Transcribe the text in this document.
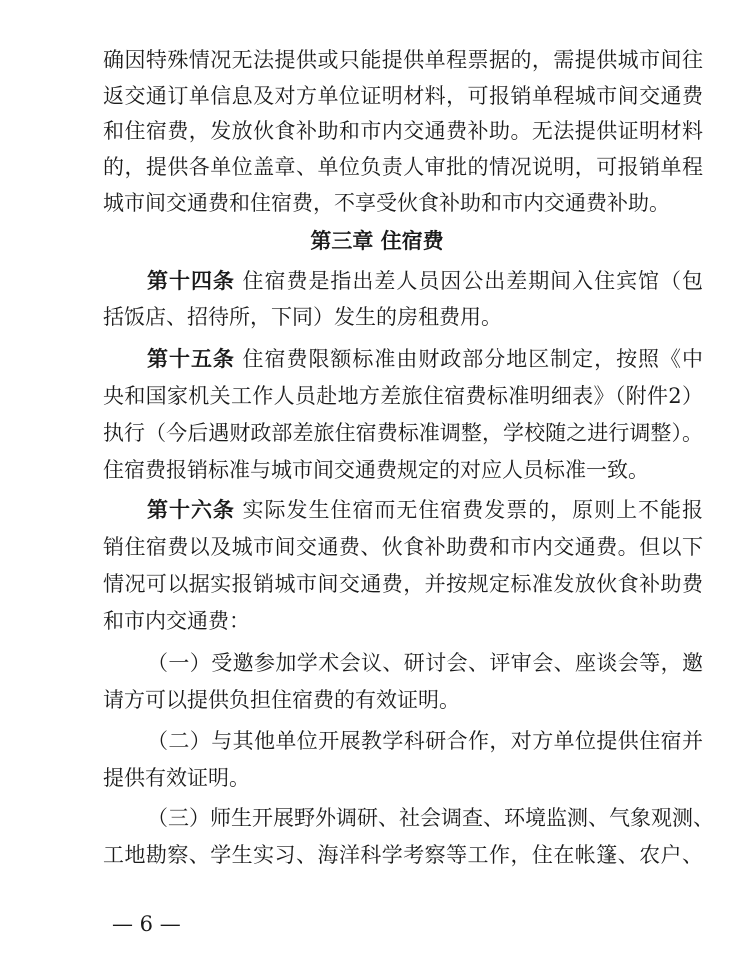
确因特殊情况无法提供或只能提供单程票据的，需提供城市间往
返交通订单信息及对方单位证明材料，可报销单程城市间交通费
和住宿费，发放伙食补助和市内交通费补助。无法提供证明材料
的，提供各单位盖章、单位负责人审批的情况说明，可报销单程
城市间交通费和住宿费，不享受伙食补助和市内交通费补助。
第三章 住宿费
第十四条 住宿费是指出差人员因公出差期间入住宾馆（包
括饭店、招待所，下同）发生的房租费用。
第十五条 住宿费限额标准由财政部分地区制定，按照《中
央和国家机关工作人员赴地方差旅住宿费标准明细表》（附件2）
执行（今后遇财政部差旅住宿费标准调整，学校随之进行调整）。
住宿费报销标准与城市间交通费规定的对应人员标准一致。
第十六条 实际发生住宿而无住宿费发票的，原则上不能报
销住宿费以及城市间交通费、伙食补助费和市内交通费。但以下
情况可以据实报销城市间交通费，并按规定标准发放伙食补助费
和市内交通费：
（一）受邀参加学术会议、研讨会、评审会、座谈会等，邀
请方可以提供负担住宿费的有效证明。
（二）与其他单位开展教学科研合作，对方单位提供住宿并
提供有效证明。
— 6 —
（三）师生开展野外调研、社会调查、环境监测、气象观测、
工地勘察、学生实习、海洋科学考察等工作，住在帐篷、农户、
